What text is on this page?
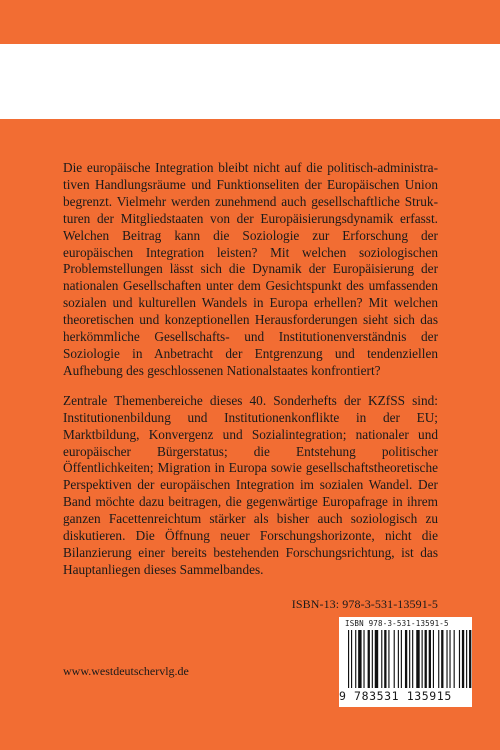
Die europäische Integration bleibt nicht auf die politisch-administrativen Handlungsräume und Funktionseliten der Europäischen Union begrenzt. Vielmehr werden zunehmend auch gesellschaftliche Strukturen der Mitgliedstaaten von der Europäisierungsdynamik erfasst. Welchen Beitrag kann die Soziologie zur Erforschung der europäischen Integration leisten? Mit welchen soziologischen Problemstellungen lässt sich die Dynamik der Europäisierung der nationalen Gesellschaften unter dem Gesichtspunkt des umfassenden sozialen und kulturellen Wandels in Europa erhellen? Mit welchen theoretischen und konzeptionellen Herausforderungen sieht sich das herkömmliche Gesellschafts- und Institutionenverständnis der Soziologie in Anbetracht der Entgrenzung und tendenziellen Aufhebung des geschlossenen Nationalstaates konfrontiert?

Zentrale Themenbereiche dieses 40. Sonderhefts der KZfSS sind: Institutionenbildung und Institutionenkonflikte in der EU; Marktbildung, Konvergenz und Sozialintegration; nationaler und europäischer Bürgerstatus; die Entstehung politischer Öffentlichkeiten; Migration in Europa sowie gesellschaftstheoretische Perspektiven der europäischen Integration im sozialen Wandel. Der Band möchte dazu beitragen, die gegenwärtige Europafrage in ihrem ganzen Facettenreichtum stärker als bisher auch soziologisch zu diskutieren. Die Öffnung neuer Forschungshorizonte, nicht die Bilanzierung einer bereits bestehenden Forschungsrichtung, ist das Hauptanliegen dieses Sammelbandes.

ISBN-13: 978-3-531-13591-5
ISBN 978-3-531-13591-5
9 783531 135915
www.westdeutschervlg.de
